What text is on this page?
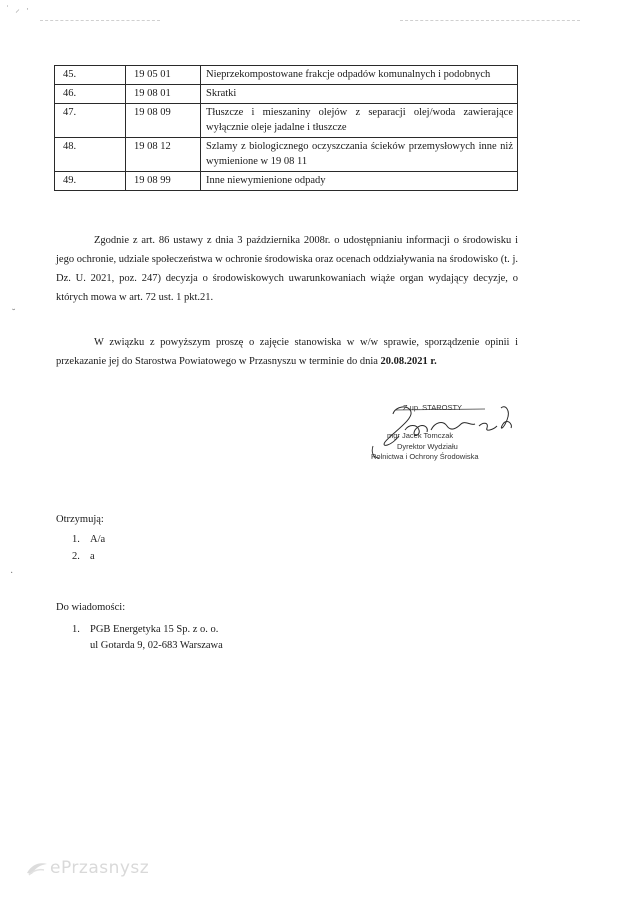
˙ ⸝ ·
45.	19 05 01	Nieprzekompostowane frakcje odpadów komunalnych i podobnych
46.	19 08 01	Skratki
47.	19 08 09	Tłuszcze i mieszaniny olejów z separacji olej/woda zawierające wyłącznie oleje jadalne i tłuszcze
48.	19 08 12	Szlamy z biologicznego oczyszczania ścieków przemysłowych inne niż wymienione w 19 08 11
49.	19 08 99	Inne niewymienione odpady

Zgodnie z art. 86 ustawy z dnia 3 października 2008r. o udostępnianiu informacji o środowisku i jego ochronie, udziale społeczeństwa w ochronie środowiska oraz ocenach oddziaływania na środowisko (t. j. Dz. U. 2021, poz. 247) decyzja o środowiskowych uwarunkowaniach wiąże organ wydający decyzje, o których mowa w art. 72 ust. 1 pkt.21.

W związku z powyższym proszę o zajęcie stanowiska w w/w sprawie, sporządzenie opinii i przekazanie jej do Starostwa Powiatowego w Przasnyszu w terminie do dnia 20.08.2021 r.

˘
Z up. STAROSTY
mgr Jacek Tomczak
Dyrektor Wydziału
Rolnictwa i Ochrony Środowiska
Otrzymują:
1. A/a
2. a
·
Do wiadomości:
1. PGB Energetyka 15 Sp. z o. o.
ul Gotarda 9, 02-683 Warszawa
ePrzasnysz
